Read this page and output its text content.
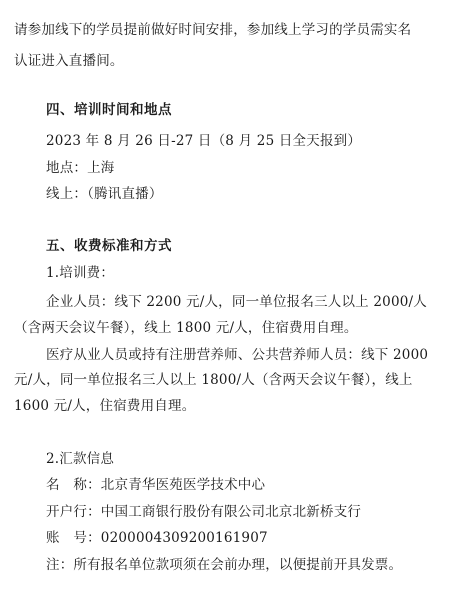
请参加线下的学员提前做好时间安排，参加线上学习的学员需实名
认证进入直播间。
四、培训时间和地点
2023 年 8 月 26 日-27 日（8 月 25 日全天报到）
地点：上海
线上：（腾讯直播）
五、收费标准和方式
1.培训费：
企业人员：线下 2200 元/人，同一单位报名三人以上 2000/人
（含两天会议午餐），线上 1800 元/人，住宿费用自理。
医疗从业人员或持有注册营养师、公共营养师人员：线下 2000
元/人，同一单位报名三人以上 1800/人（含两天会议午餐），线上
1600 元/人，住宿费用自理。
2.汇款信息
名　称：北京青华医苑医学技术中心
开户行：中国工商银行股份有限公司北京北新桥支行
账　号：0200004309200161907
注：所有报名单位款项须在会前办理，以便提前开具发票。
